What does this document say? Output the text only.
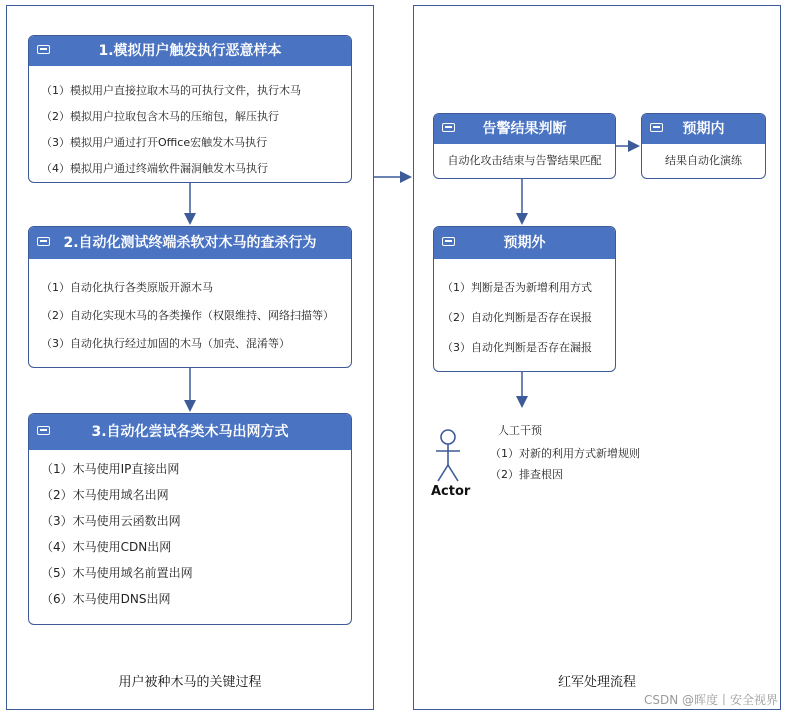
用户被种木马的关键过程	红军处理流程
1.模拟用户触发执行恶意样本
（1）模拟用户直接拉取木马的可执行文件，执行木马
（2）模拟用户拉取包含木马的压缩包，解压执行
（3）模拟用户通过打开Office宏触发木马执行
（4）模拟用户通过终端软件漏洞触发木马执行
2.自动化测试终端杀软对木马的查杀行为
（1）自动化执行各类原版开源木马
（2）自动化实现木马的各类操作（权限维持、网络扫描等）
（3）自动化执行经过加固的木马（加壳、混淆等）
3.自动化尝试各类木马出网方式
（1）木马使用IP直接出网
（2）木马使用域名出网
（3）木马使用云函数出网
（4）木马使用CDN出网
（5）木马使用域名前置出网
（6）木马使用DNS出网
告警结果判断
自动化攻击结束与告警结果匹配
预期内
结果自动化演练
预期外
（1）判断是否为新增利用方式
（2）自动化判断是否存在误报
（3）自动化判断是否存在漏报
Actor
人工干预
（1）对新的利用方式新增规则
（2）排查根因
CSDN @晖度丨安全视界
